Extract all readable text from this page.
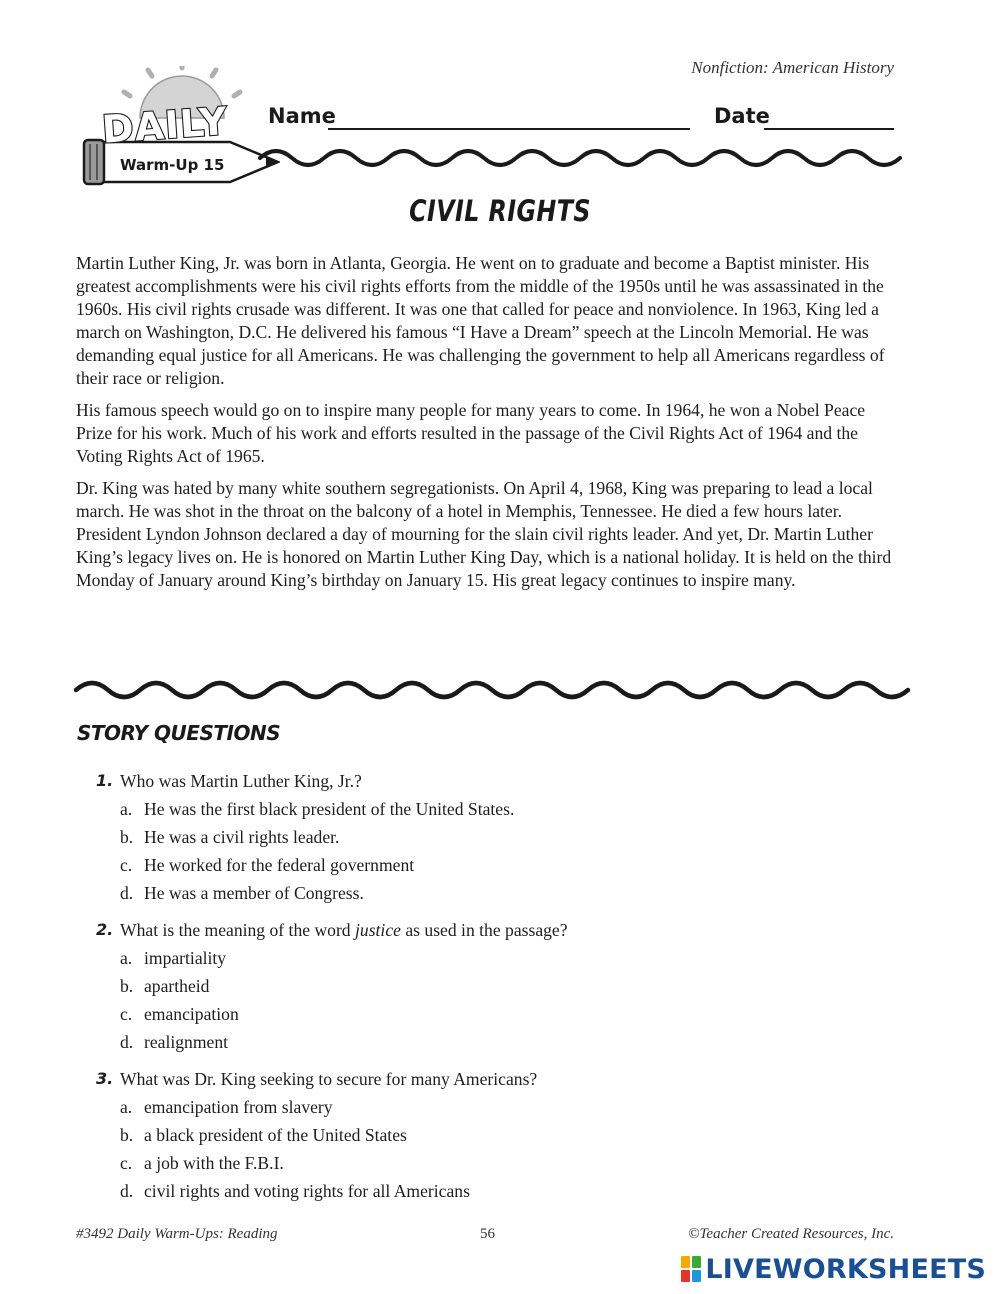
Nonfiction: American History
DAILY
Warm-Up 15
Name	Date
CIVIL RIGHTS

Martin Luther King, Jr. was born in Atlanta, Georgia. He went on to graduate and become a Baptist minister. His greatest accomplishments were his civil rights efforts from the middle of the 1950s until he was assassinated in the 1960s. His civil rights crusade was different. It was one that called for peace and nonviolence. In 1963, King led a march on Washington, D.C. He delivered his famous “I Have a Dream” speech at the Lincoln Memorial. He was demanding equal justice for all Americans. He was challenging the government to help all Americans regardless of their race or religion.

His famous speech would go on to inspire many people for many years to come. In 1964, he won a Nobel Peace Prize for his work. Much of his work and efforts resulted in the passage of the Civil Rights Act of 1964 and the Voting Rights Act of 1965.

Dr. King was hated by many white southern segregationists. On April 4, 1968, King was preparing to lead a local march. He was shot in the throat on the balcony of a hotel in Memphis, Tennessee. He died a few hours later. President Lyndon Johnson declared a day of mourning for the slain civil rights leader. And yet, Dr. Martin Luther King’s legacy lives on. He is honored on Martin Luther King Day, which is a national holiday. It is held on the third Monday of January around King’s birthday on January 15. His great legacy continues to inspire many.

STORY QUESTIONS
1. Who was Martin Luther King, Jr.?
a. He was the first black president of the United States.
b. He was a civil rights leader.
c. He worked for the federal government
d. He was a member of Congress.
2. What is the meaning of the word justice as used in the passage?
a. impartiality
b. apartheid
c. emancipation
d. realignment
3. What was Dr. King seeking to secure for many Americans?
a. emancipation from slavery
b. a black president of the United States
c. a job with the F.B.I.
d. civil rights and voting rights for all Americans
#3492 Daily Warm-Ups: Reading	56	©Teacher Created Resources, Inc.
LIVEWORKSHEETS
